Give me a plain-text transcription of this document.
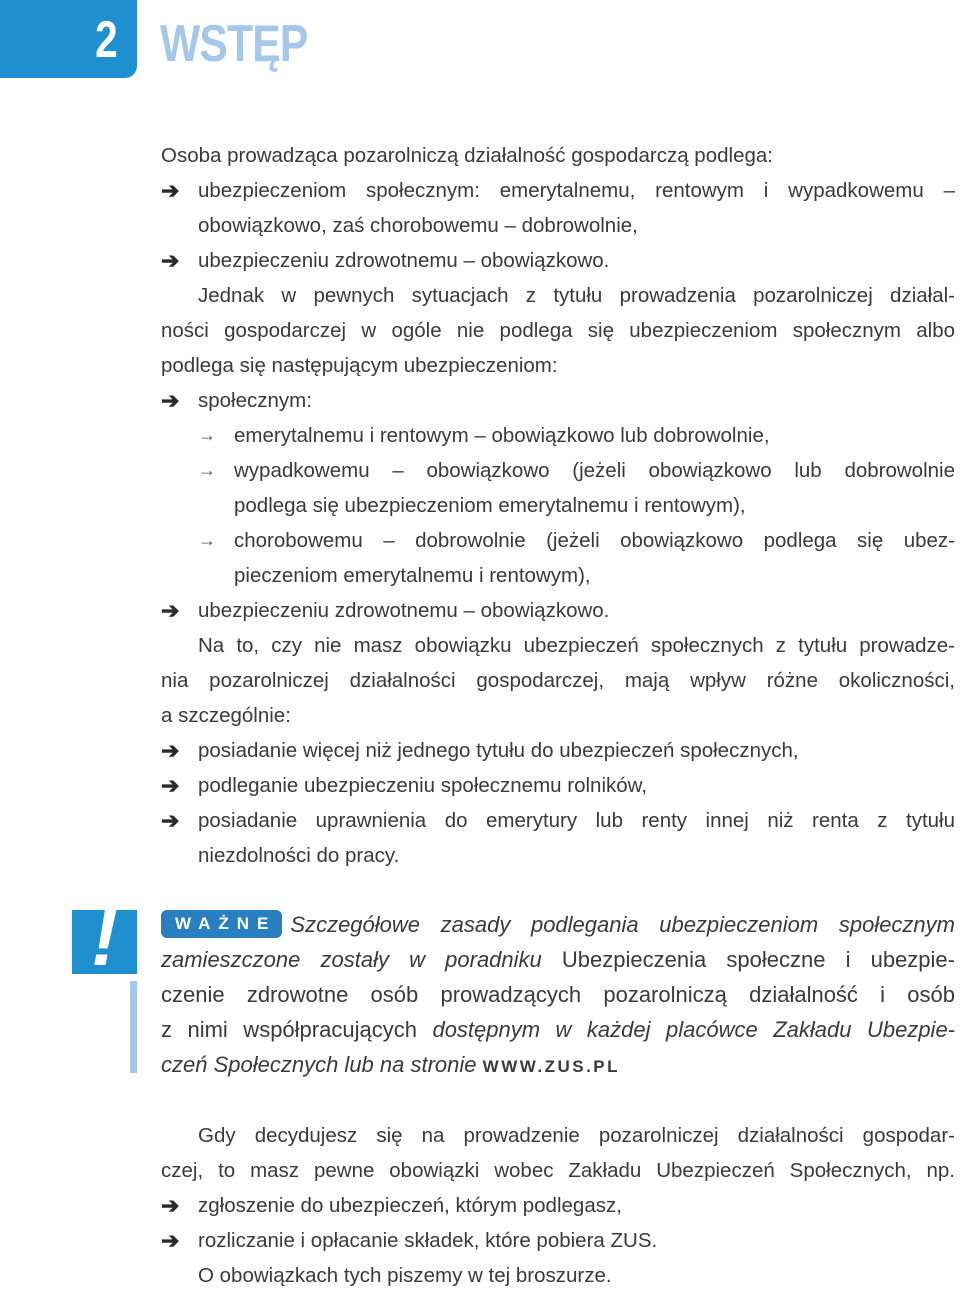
2 WSTĘP
Osoba prowadząca pozarolniczą działalność gospodarczą podlega:
➔ ubezpieczeniom społecznym: emerytalnemu, rentowym i wypadkowemu –
obowiązkowo, zaś chorobowemu – dobrowolnie,
➔ ubezpieczeniu zdrowotnemu – obowiązkowo.
Jednak w pewnych sytuacjach z tytułu prowadzenia pozarolniczej działal-
ności gospodarczej w ogóle nie podlega się ubezpieczeniom społecznym albo
podlega się następującym ubezpieczeniom:
➔ społecznym:
→ emerytalnemu i rentowym – obowiązkowo lub dobrowolnie,
→ wypadkowemu – obowiązkowo (jeżeli obowiązkowo lub dobrowolnie
podlega się ubezpieczeniom emerytalnemu i rentowym),
→ chorobowemu – dobrowolnie (jeżeli obowiązkowo podlega się ubez-
pieczeniom emerytalnemu i rentowym),
➔ ubezpieczeniu zdrowotnemu – obowiązkowo.
Na to, czy nie masz obowiązku ubezpieczeń społecznych z tytułu prowadze-
nia pozarolniczej działalności gospodarczej, mają wpływ różne okoliczności,
a szczególnie:
➔ posiadanie więcej niż jednego tytułu do ubezpieczeń społecznych,
➔ podleganie ubezpieczeniu społecznemu rolników,
➔ posiadanie uprawnienia do emerytury lub renty innej niż renta z tytułu
niezdolności do pracy.
!	WAŻNE Szczegółowe zasady podlegania ubezpieczeniom społecznym
zamieszczone zostały w poradniku Ubezpieczenia społeczne i ubezpie-
czenie zdrowotne osób prowadzących pozarolniczą działalność i osób
z nimi współpracujących dostępnym w każdej placówce Zakładu Ubezpie-
czeń Społecznych lub na stronie WWW.ZUS.PL
Gdy decydujesz się na prowadzenie pozarolniczej działalności gospodar-
czej, to masz pewne obowiązki wobec Zakładu Ubezpieczeń Społecznych, np.
➔ zgłoszenie do ubezpieczeń, którym podlegasz,
➔ rozliczanie i opłacanie składek, które pobiera ZUS.
O obowiązkach tych piszemy w tej broszurze.
